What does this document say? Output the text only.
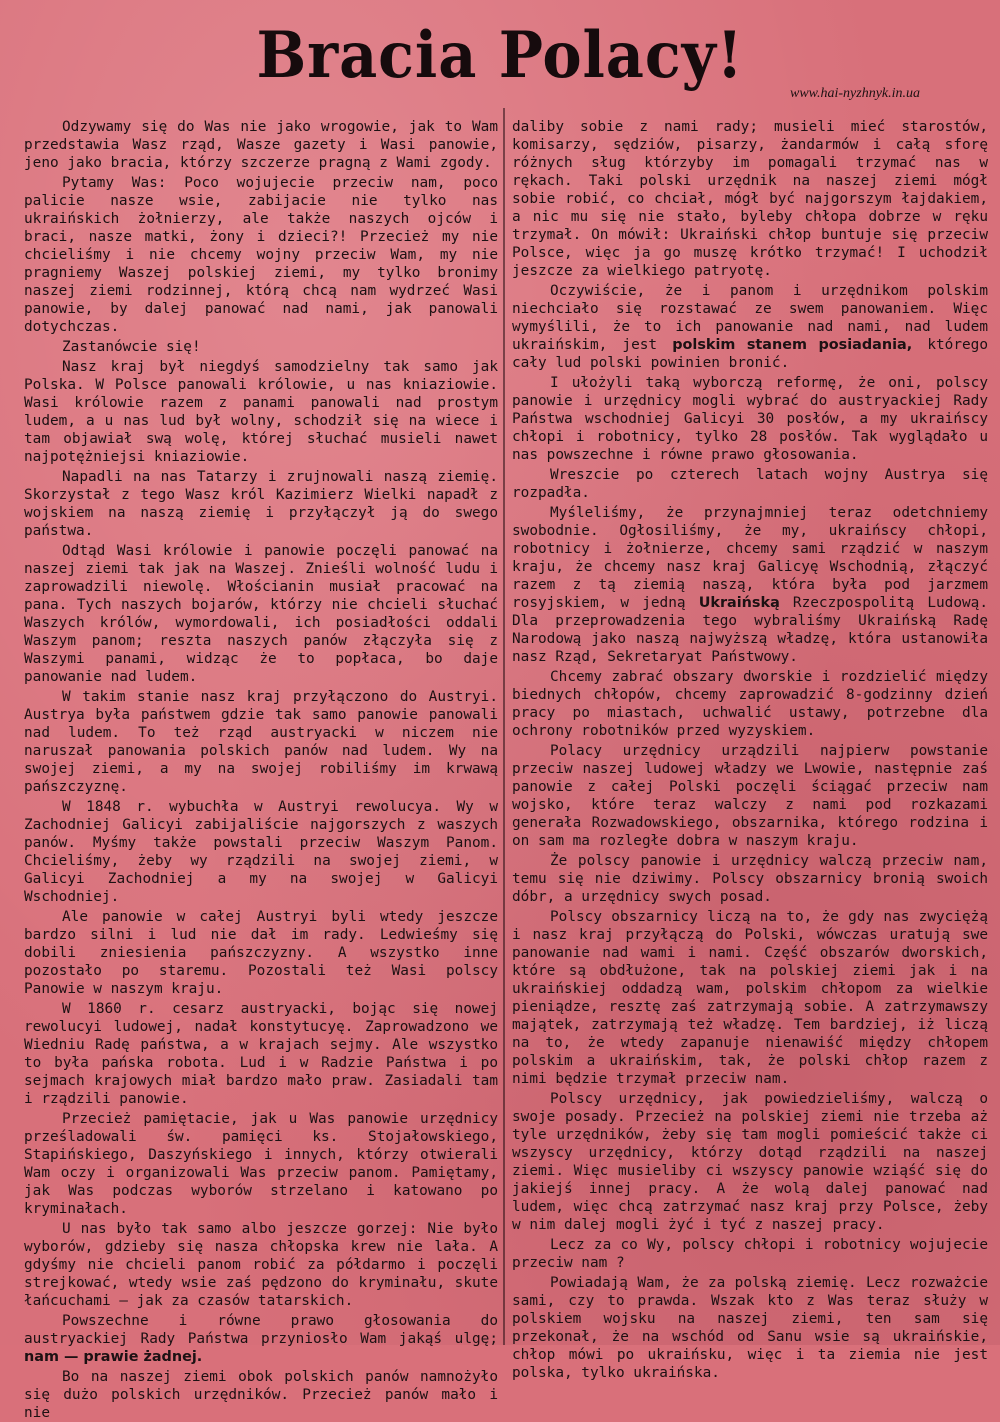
Bracia Polacy!
www.hai-nyzhnyk.in.ua

Odzywamy się do Was nie jako wrogowie, jak to Wam przedstawia Wasz rząd, Wasze gazety i Wasi panowie, jeno jako bracia, którzy szczerze pragną z Wami zgody.

Pytamy Was: Poco wojujecie przeciw nam, poco palicie nasze wsie, zabijacie nie tylko nas ukraińskich żołnierzy, ale także naszych ojców i braci, nasze matki, żony i dzieci?! Przecież my nie chcieliśmy i nie chcemy wojny przeciw Wam, my nie pragniemy Waszej polskiej ziemi, my tylko bronimy naszej ziemi rodzinnej, którą chcą nam wydrzeć Wasi panowie, by dalej panować nad nami, jak panowali dotychczas.

Zastanówcie się!

Nasz kraj był niegdyś samodzielny tak samo jak Polska. W Polsce panowali królowie, u nas kniaziowie. Wasi królowie razem z panami panowali nad prostym ludem, a u nas lud był wolny, schodził się na wiece i tam objawiał swą wolę, której słuchać musieli nawet najpotężniejsi kniaziowie.

Napadli na nas Tatarzy i zrujnowali naszą ziemię. Skorzystał z tego Wasz król Kazimierz Wielki napadł z wojskiem na naszą ziemię i przyłączył ją do swego państwa.

Odtąd Wasi królowie i panowie poczęli panować na naszej ziemi tak jak na Waszej. Znieśli wolność ludu i zaprowadzili niewolę. Włościanin musiał pracować na pana. Tych naszych bojarów, którzy nie chcieli słuchać Waszych królów, wymordowali, ich posiadłości oddali Waszym panom; reszta naszych panów złączyła się z Waszymi panami, widząc że to popłaca, bo daje panowanie nad ludem.

W takim stanie nasz kraj przyłączono do Austryi. Austrya była państwem gdzie tak samo panowie panowali nad ludem. To też rząd austryacki w niczem nie naruszał panowania polskich panów nad ludem. Wy na swojej ziemi, a my na swojej robiliśmy im krwawą pańszczyznę.

W 1848 r. wybuchła w Austryi rewolucya. Wy w Zachodniej Galicyi zabijaliście najgorszych z waszych panów. Myśmy także powstali przeciw Waszym Panom. Chcieliśmy, żeby wy rządzili na swojej ziemi, w Galicyi Zachodniej a my na swojej w Galicyi Wschodniej.

Ale panowie w całej Austryi byli wtedy jeszcze bardzo silni i lud nie dał im rady. Ledwieśmy się dobili zniesienia pańszczyzny. A wszystko inne pozostało po staremu. Pozostali też Wasi polscy Panowie w naszym kraju.

W 1860 r. cesarz austryacki, bojąc się nowej rewolucyi ludowej, nadał konstytucyę. Zaprowadzono we Wiedniu Radę państwa, a w krajach sejmy. Ale wszystko to była pańska robota. Lud i w Radzie Państwa i po sejmach krajowych miał bardzo mało praw. Zasiadali tam i rządzili panowie.

Przecież pamiętacie, jak u Was panowie urzędnicy prześladowali św. pamięci ks. Stojałowskiego, Stapińskiego, Daszyńskiego i innych, którzy otwierali Wam oczy i organizowali Was przeciw panom. Pamiętamy, jak Was podczas wyborów strzelano i katowano po kryminałach.

U nas było tak samo albo jeszcze gorzej: Nie było wyborów, gdzieby się nasza chłopska krew nie lała. A gdyśmy nie chcieli panom robić za półdarmo i poczęli strejkować, wtedy wsie zaś pędzono do kryminału, skute łańcuchami — jak za czasów tatarskich.

Powszechne i równe prawo głosowania do austryackiej Rady Państwa przyniosło Wam jakąś ulgę; nam — prawie żadnej.

Bo na naszej ziemi obok polskich panów namnożyło się dużo polskich urzędników. Przecież panów mało i nie

daliby sobie z nami rady; musieli mieć starostów, komisarzy, sędziów, pisarzy, żandarmów i całą sforę różnych sług którzyby im pomagali trzymać nas w rękach. Taki polski urzędnik na naszej ziemi mógł sobie robić, co chciał, mógł być najgorszym łajdakiem, a nic mu się nie stało, byleby chłopa dobrze w ręku trzymał. On mówił: Ukraiński chłop buntuje się przeciw Polsce, więc ja go muszę krótko trzymać! I uchodził jeszcze za wielkiego patryotę.

Oczywiście, że i panom i urzędnikom polskim niechciało się rozstawać ze swem panowaniem. Więc wymyślili, że to ich panowanie nad nami, nad ludem ukraińskim, jest polskim stanem posiadania, którego cały lud polski powinien bronić.

I ułożyli taką wyborczą reformę, że oni, polscy panowie i urzędnicy mogli wybrać do austryackiej Rady Państwa wschodniej Galicyi 30 posłów, a my ukraińscy chłopi i robotnicy, tylko 28 posłów. Tak wyglądało u nas powszechne i równe prawo głosowania.

Wreszcie po czterech latach wojny Austrya się rozpadła.

Myśleliśmy, że przynajmniej teraz odetchniemy swobodnie. Ogłosiliśmy, że my, ukraińscy chłopi, robotnicy i żołnierze, chcemy sami rządzić w naszym kraju, że chcemy nasz kraj Galicyę Wschodnią, złączyć razem z tą ziemią naszą, która była pod jarzmem rosyjskiem, w jedną Ukraińską Rzeczpospolitą Ludową. Dla przeprowadzenia tego wybraliśmy Ukraińską Radę Narodową jako naszą najwyższą władzę, która ustanowiła nasz Rząd, Sekretaryat Państwowy.

Chcemy zabrać obszary dworskie i rozdzielić między biednych chłopów, chcemy zaprowadzić 8-godzinny dzień pracy po miastach, uchwalić ustawy, potrzebne dla ochrony robotników przed wyzyskiem.

Polacy urzędnicy urządzili najpierw powstanie przeciw naszej ludowej władzy we Lwowie, następnie zaś panowie z całej Polski poczęli ściągać przeciw nam wojsko, które teraz walczy z nami pod rozkazami generała Rozwadowskiego, obszarnika, którego rodzina i on sam ma rozległe dobra w naszym kraju.

Że polscy panowie i urzędnicy walczą przeciw nam, temu się nie dziwimy. Polscy obszarnicy bronią swoich dóbr, a urzędnicy swych posad.

Polscy obszarnicy liczą na to, że gdy nas zwyciężą i nasz kraj przyłączą do Polski, wówczas uratują swe panowanie nad wami i nami. Część obszarów dworskich, które są obdłużone, tak na polskiej ziemi jak i na ukraińskiej oddadzą wam, polskim chłopom za wielkie pieniądze, resztę zaś zatrzymają sobie. A zatrzymawszy majątek, zatrzymają też władzę. Tem bardziej, iż liczą na to, że wtedy zapanuje nienawiść między chłopem polskim a ukraińskim, tak, że polski chłop razem z nimi będzie trzymał przeciw nam.

Polscy urzędnicy, jak powiedzieliśmy, walczą o swoje posady. Przecież na polskiej ziemi nie trzeba aż tyle urzędników, żeby się tam mogli pomieścić także ci wszyscy urzędnicy, którzy dotąd rządzili na naszej ziemi. Więc musieliby ci wszyscy panowie wziąść się do jakiejś innej pracy. A że wolą dalej panować nad ludem, więc chcą zatrzymać nasz kraj przy Polsce, żeby w nim dalej mogli żyć i tyć z naszej pracy.

Lecz za co Wy, polscy chłopi i robotnicy wojujecie przeciw nam ?

Powiadają Wam, że za polską ziemię. Lecz rozważcie sami, czy to prawda. Wszak kto z Was teraz służy w polskiem wojsku na naszej ziemi, ten sam się przekonał, że na wschód od Sanu wsie są ukraińskie, chłop mówi po ukraińsku, więc i ta ziemia nie jest polska, tylko ukraińska.
